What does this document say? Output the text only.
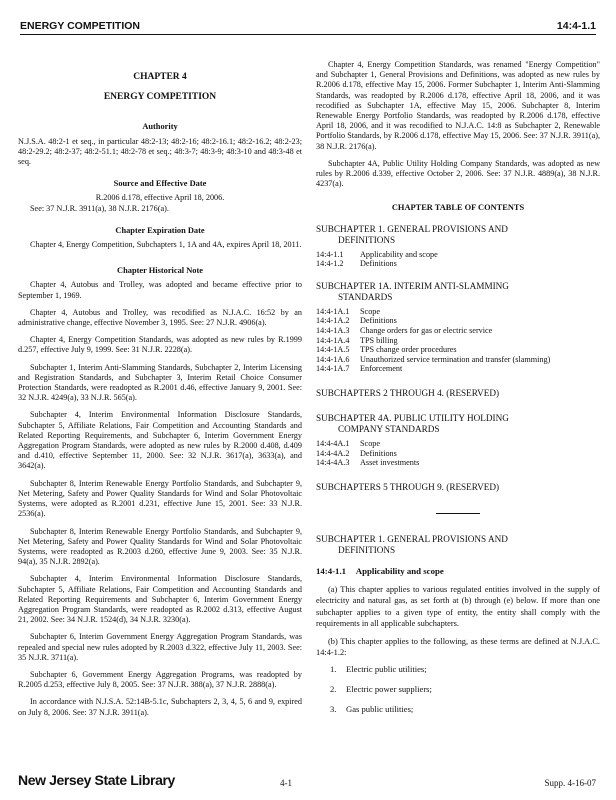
ENERGY COMPETITION	14:4-1.1
CHAPTER 4
ENERGY COMPETITION
Authority

N.J.S.A. 48:2-1 et seq., in particular 48:2-13; 48:2-16; 48:2-16.1; 48:2-16.2; 48:2-23; 48:2-29.2; 48:2-37; 48:2-51.1; 48:2-78 et seq.; 48:3-7; 48:3-9; 48:3-10 and 48:3-48 et seq.

Source and Effective Date
R.2006 d.178, effective April 18, 2006.

See: 37 N.J.R. 3911(a), 38 N.J.R. 2176(a).

Chapter Expiration Date

Chapter 4, Energy Competition, Subchapters 1, 1A and 4A, expires April 18, 2011.

Chapter Historical Note

Chapter 4, Autobus and Trolley, was adopted and became effective prior to September 1, 1969.

Chapter 4, Autobus and Trolley, was recodified as N.J.A.C. 16:52 by an administrative change, effective November 3, 1995. See: 27 N.J.R. 4906(a).

Chapter 4, Energy Competition Standards, was adopted as new rules by R.1999 d.257, effective July 9, 1999. See: 31 N.J.R. 2228(a).

Subchapter 1, Interim Anti-Slamming Standards, Subchapter 2, Interim Licensing and Registration Standards, and Subchapter 3, Interim Retail Choice Consumer Protection Standards, were readopted as R.2001 d.46, effective January 9, 2001. See: 32 N.J.R. 4249(a), 33 N.J.R. 565(a).

Subchapter 4, Interim Environmental Information Disclosure Standards, Subchapter 5, Affiliate Relations, Fair Competition and Accounting Standards and Related Reporting Requirements, and Subchapter 6, Interim Government Energy Aggregation Program Standards, were adopted as new rules by R.2000 d.408, d.409 and d.410, effective September 11, 2000. See: 32 N.J.R. 3617(a), 3633(a), and 3642(a).

Subchapter 8, Interim Renewable Energy Portfolio Standards, and Subchapter 9, Net Metering, Safety and Power Quality Standards for Wind and Solar Photovoltaic Systems, were adopted as R.2001 d.231, effective June 15, 2001. See: 33 N.J.R. 2536(a).

Subchapter 8, Interim Renewable Energy Portfolio Standards, and Subchapter 9, Net Metering, Safety and Power Quality Standards for Wind and Solar Photovoltaic Systems, were readopted as R.2003 d.260, effective June 9, 2003. See: 35 N.J.R. 94(a), 35 N.J.R. 2892(a).

Subchapter 4, Interim Environmental Information Disclosure Standards, Subchapter 5, Affiliate Relations, Fair Competition and Accounting Standards and Related Reporting Requirements and Subchapter 6, Interim Government Energy Aggregation Program Standards, were readopted as R.2002 d.313, effective August 21, 2002. See: 34 N.J.R. 1524(d), 34 N.J.R. 3230(a).

Subchapter 6, Interim Government Energy Aggregation Program Standards, was repealed and special new rules adopted by R.2003 d.322, effective July 11, 2003. See: 35 N.J.R. 3711(a).

Subchapter 6, Government Energy Aggregation Programs, was readopted by R.2005 d.253, effective July 8, 2005. See: 37 N.J.R. 388(a), 37 N.J.R. 2888(a).

In accordance with N.J.S.A. 52:14B-5.1c, Subchapters 2, 3, 4, 5, 6 and 9, expired on July 8, 2006. See: 37 N.J.R. 3911(a).

Chapter 4, Energy Competition Standards, was renamed "Energy Competition" and Subchapter 1, General Provisions and Definitions, was adopted as new rules by R.2006 d.178, effective May 15, 2006. Former Subchapter 1, Interim Anti-Slamming Standards, was readopted by R.2006 d.178, effective April 18, 2006, and it was recodified as Subchapter 1A, effective May 15, 2006. Subchapter 8, Interim Renewable Energy Portfolio Standards, was readopted by R.2006 d.178, effective April 18, 2006, and it was recodified to N.J.A.C. 14:8 as Subchapter 2, Renewable Portfolio Standards, by R.2006 d.178, effective May 15, 2006. See: 37 N.J.R. 3911(a), 38 N.J.R. 2176(a).

Subchapter 4A, Public Utility Holding Company Standards, was adopted as new rules by R.2006 d.339, effective October 2, 2006. See: 37 N.J.R. 4889(a), 38 N.J.R. 4237(a).

CHAPTER TABLE OF CONTENTS
SUBCHAPTER 1. GENERAL PROVISIONS AND
DEFINITIONS
14:4-1.1	Applicability and scope
14:4-1.2	Definitions
SUBCHAPTER 1A. INTERIM ANTI-SLAMMING
STANDARDS
14:4-1A.1	Scope
14:4-1A.2	Definitions
14:4-1A.3	Change orders for gas or electric service
14:4-1A.4	TPS billing
14:4-1A.5	TPS change order procedures
14:4-1A.6	Unauthorized service termination and transfer (slamming)
14:4-1A.7	Enforcement
SUBCHAPTERS 2 THROUGH 4. (RESERVED)
SUBCHAPTER 4A. PUBLIC UTILITY HOLDING
COMPANY STANDARDS
14:4-4A.1	Scope
14:4-4A.2	Definitions
14:4-4A.3	Asset investments
SUBCHAPTERS 5 THROUGH 9. (RESERVED)
SUBCHAPTER 1. GENERAL PROVISIONS AND
DEFINITIONS
14:4-1.1 Applicability and scope

(a) This chapter applies to various regulated entities involved in the supply of electricity and natural gas, as set forth at (b) through (e) below. If more than one subchapter applies to a given type of entity, the entity shall comply with the requirements in all applicable subchapters.

(b) This chapter applies to the following, as these terms are defined at N.J.A.C. 14:4-1.2:

1.	Electric public utilities;
2.	Electric power suppliers;
3.	Gas public utilities;
New Jersey State Library	4-1	Supp. 4-16-07
